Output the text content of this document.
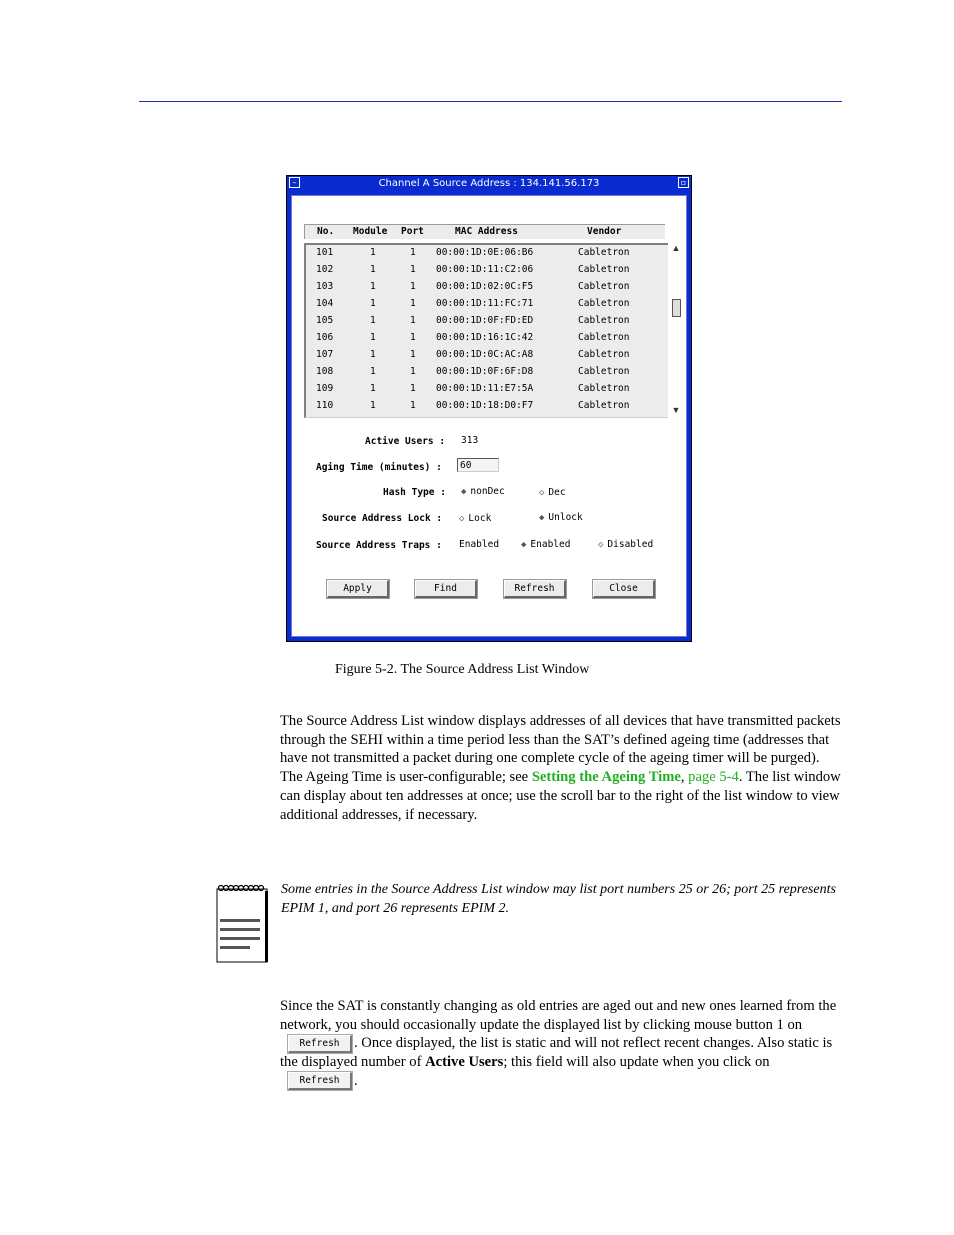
–	Channel A Source Address : 134.141.56.173	▫
No. Module Port	MAC Address	Vendor
101	1	1 00:00:1D:0E:06:B6	Cabletron
102	1	1 00:00:1D:11:C2:06	Cabletron
103	1	1 00:00:1D:02:0C:F5	Cabletron
104	1	1 00:00:1D:11:FC:71	Cabletron
105	1	1 00:00:1D:0F:FD:ED	Cabletron
106	1	1 00:00:1D:16:1C:42	Cabletron
107	1	1 00:00:1D:0C:AC:A8	Cabletron
108	1	1 00:00:1D:0F:6F:D8	Cabletron
109	1	1 00:00:1D:11:E7:5A	Cabletron
110	1	1 00:00:1D:18:D0:F7	Cabletron
▲
▼
Active Users : 313
Aging Time (minutes) :	60
Hash Type : ◆ nonDec	◇ Dec
Source Address Lock : ◇ Lock	◆ Unlock
Source Address Traps : Enabled ◆ Enabled	◇ Disabled
Apply	Find	Refresh	Close
Figure 5-2. The Source Address List Window
The Source Address List window displays addresses of all devices that have transmitted packets through the SEHI within a time period less than the SAT’s defined ageing time (addresses that have not transmitted a packet during one complete cycle of the ageing timer will be purged). The Ageing Time is user-configurable; see Setting the Ageing Time, page 5-4. The list window can display about ten addresses at once; use the scroll bar to the right of the list window to view additional addresses, if necessary.
Some entries in the Source Address List window may list port numbers 25 or 26; port 25 represents EPIM 1, and port 26 represents EPIM 2.
Since the SAT is constantly changing as old entries are aged out and new ones learned from the network, you should occasionally update the displayed list by clicking mouse button 1 onRefresh . Once displayed, the list is static and will not reflect recent changes. Also static is the displayed number of Active Users; this field will also update when you click onRefresh .
